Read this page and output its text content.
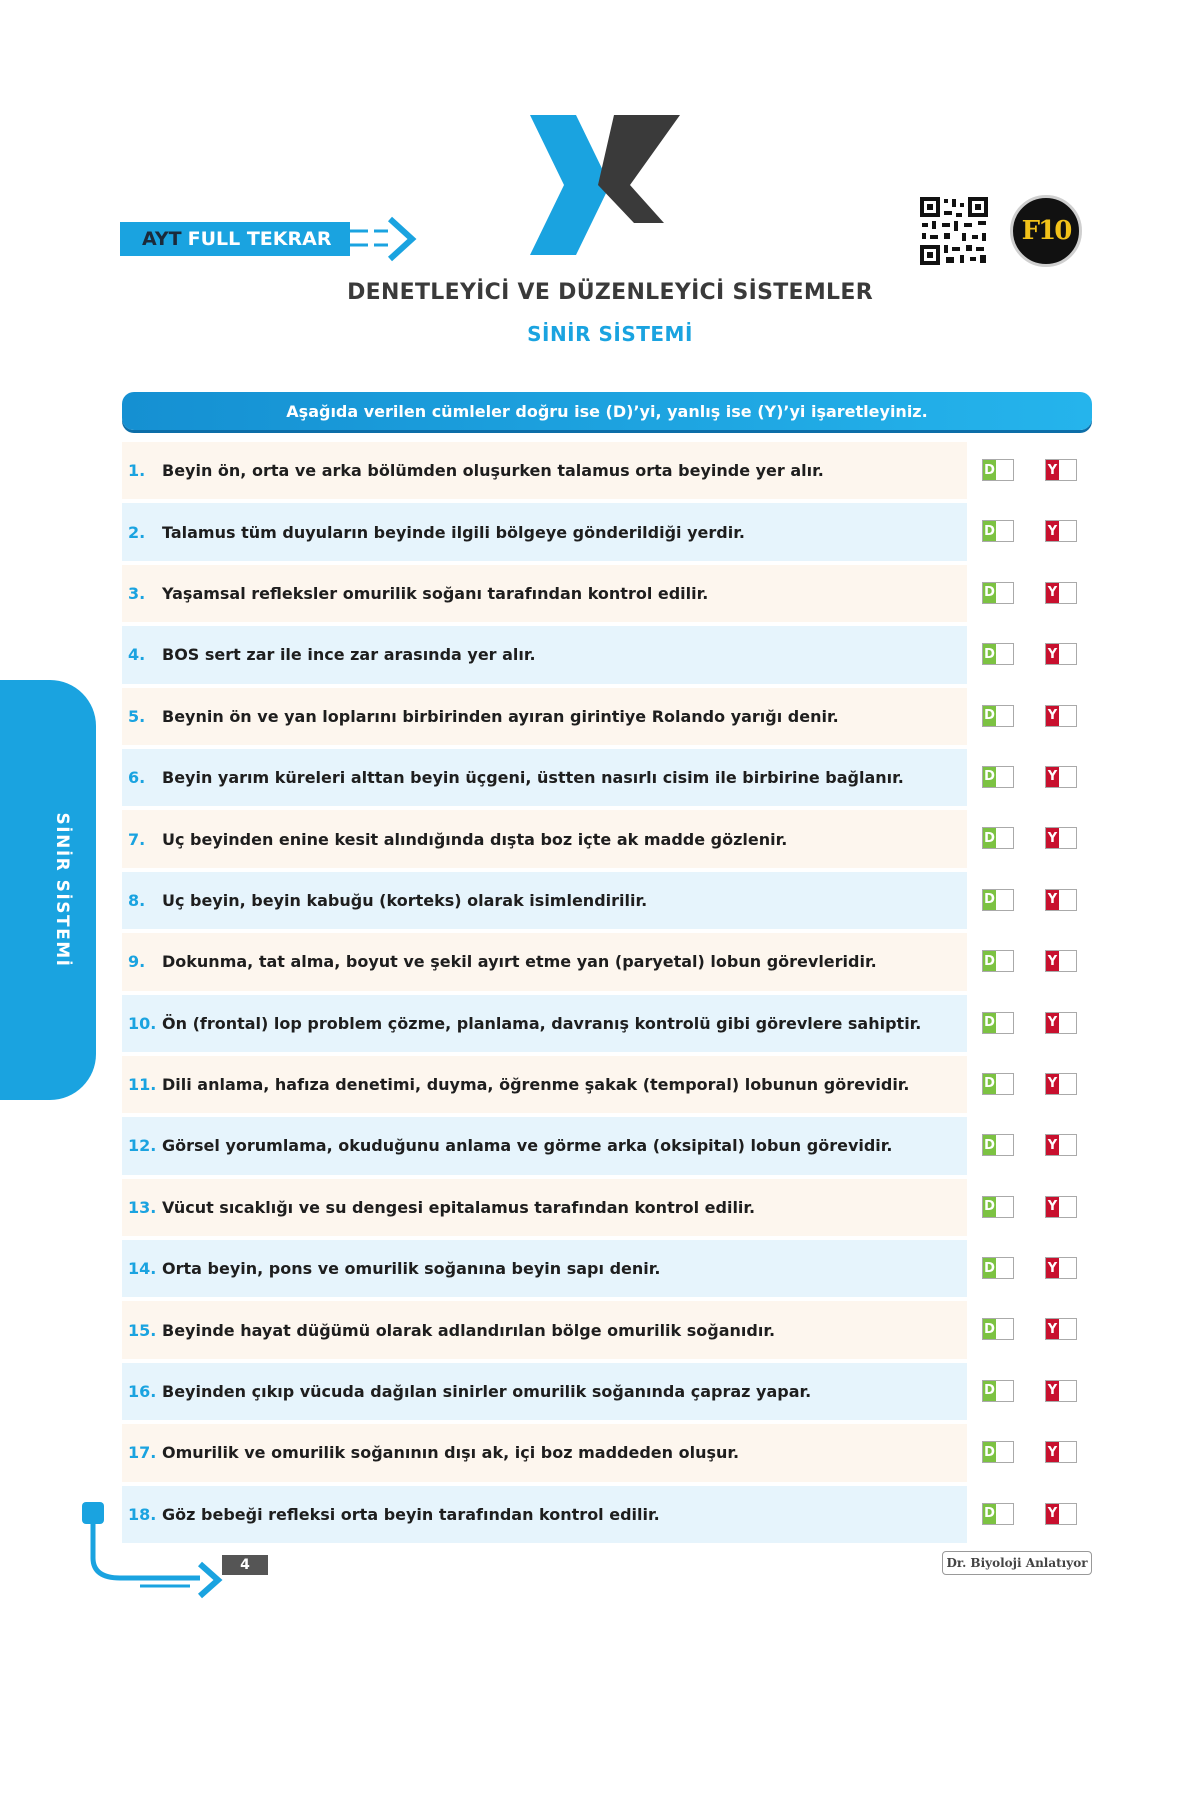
AYT FULL TEKRAR	F10
DENETLEYİCİ VE DÜZENLEYİCİ SİSTEMLER
SİNİR SİSTEMİ
Aşağıda verilen cümleler doğru ise (D)’yi, yanlış ise (Y)’yi işaretleyiniz.
SİNİR SİSTEMİ
1.	Beyin ön, orta ve arka bölümden oluşurken talamus orta beyinde yer alır.	D	Y
2.	Talamus tüm duyuların beyinde ilgili bölgeye gönderildiği yerdir.	D	Y
3.	Yaşamsal refleksler omurilik soğanı tarafından kontrol edilir.	D	Y
4.	BOS sert zar ile ince zar arasında yer alır.	D	Y
5.	Beynin ön ve yan loplarını birbirinden ayıran girintiye Rolando yarığı denir.	D	Y
6.	Beyin yarım küreleri alttan beyin üçgeni, üstten nasırlı cisim ile birbirine bağlanır.	D	Y
7.	Uç beyinden enine kesit alındığında dışta boz içte ak madde gözlenir.	D	Y
8.	Uç beyin, beyin kabuğu (korteks) olarak isimlendirilir.	D	Y
9.	Dokunma, tat alma, boyut ve şekil ayırt etme yan (paryetal) lobun görevleridir.	D	Y
10. Ön (frontal) lop problem çözme, planlama, davranış kontrolü gibi görevlere sahiptir.	D	Y
11. Dili anlama, hafıza denetimi, duyma, öğrenme şakak (temporal) lobunun görevidir.	D	Y
12. Görsel yorumlama, okuduğunu anlama ve görme arka (oksipital) lobun görevidir.	D	Y
13. Vücut sıcaklığı ve su dengesi epitalamus tarafından kontrol edilir.	D	Y
14. Orta beyin, pons ve omurilik soğanına beyin sapı denir.	D	Y
15. Beyinde hayat düğümü olarak adlandırılan bölge omurilik soğanıdır.	D	Y
16. Beyinden çıkıp vücuda dağılan sinirler omurilik soğanında çapraz yapar.	D	Y
17. Omurilik ve omurilik soğanının dışı ak, içi boz maddeden oluşur.	D	Y
18. Göz bebeği refleksi orta beyin tarafından kontrol edilir.	D	Y
4	Dr. Biyoloji Anlatıyor
